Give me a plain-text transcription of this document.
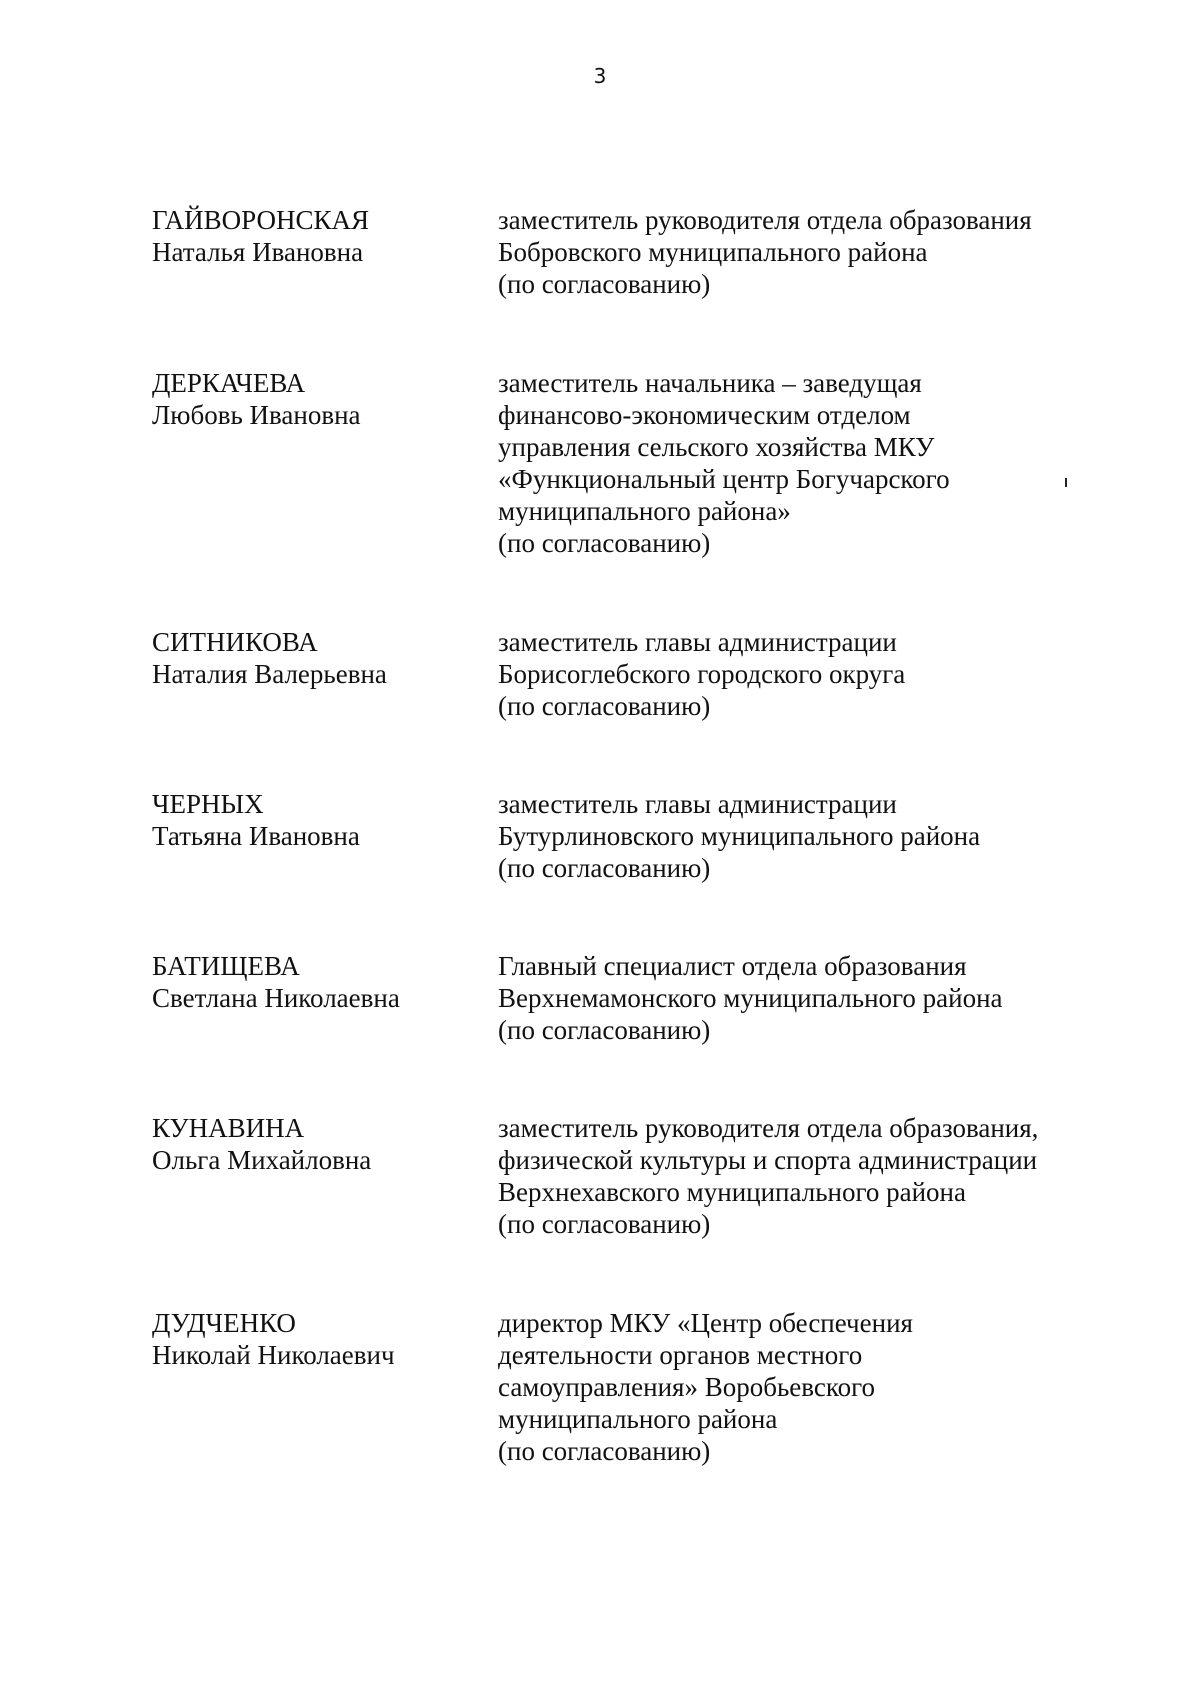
3
ГАЙВОРОНСКАЯ
Наталья Ивановна
заместитель руководителя отдела образования
Бобровского муниципального района
(по согласованию)
ДЕРКАЧЕВА
Любовь Ивановна
заместитель начальника – заведущая
финансово-экономическим отделом
управления сельского хозяйства МКУ
«Функциональный центр Богучарского
муниципального района»
(по согласованию)
СИТНИКОВА
Наталия Валерьевна
заместитель главы администрации
Борисоглебского городского округа
(по согласованию)
ЧЕРНЫХ
Татьяна Ивановна
заместитель главы администрации
Бутурлиновского муниципального района
(по согласованию)
БАТИЩЕВА
Светлана Николаевна
Главный специалист отдела образования
Верхнемамонского муниципального района
(по согласованию)
КУНАВИНА
Ольга Михайловна
заместитель руководителя отдела образования,
физической культуры и спорта администрации
Верхнехавского муниципального района
(по согласованию)
ДУДЧЕНКО
Николай Николаевич
директор МКУ «Центр обеспечения
деятельности органов местного
самоуправления» Воробьевского
муниципального района
(по согласованию)
